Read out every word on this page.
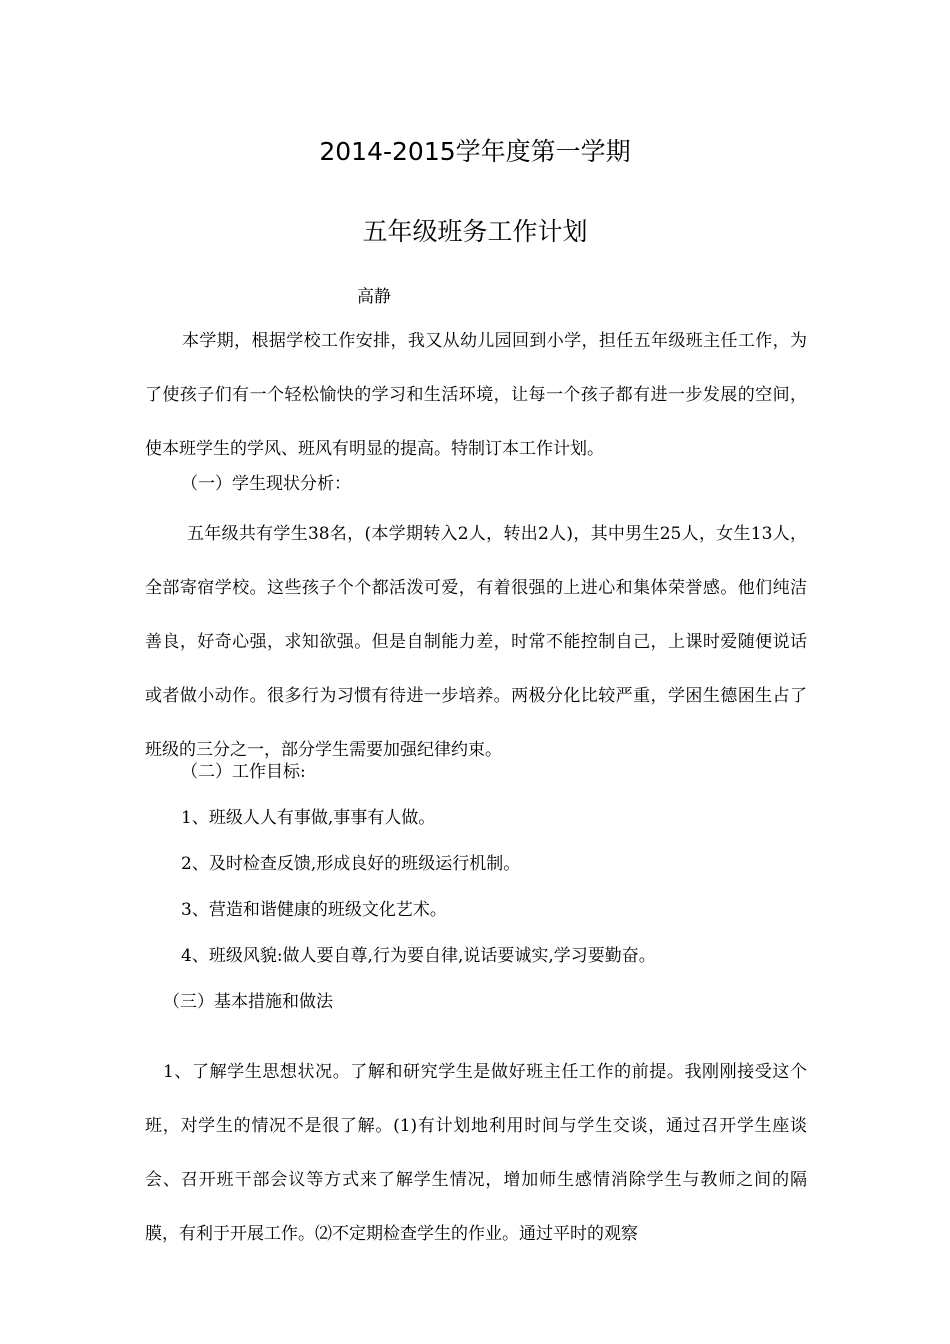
2014-2015学年度第一学期
五年级班务工作计划
高静
本学期，根据学校工作安排，我又从幼儿园回到小学，担任五年级班主任工作，为了使孩子们有一个轻松愉快的学习和生活环境，让每一个孩子都有进一步发展的空间，使本班学生的学风、班风有明显的提高。特制订本工作计划。
（一）学生现状分析：
五年级共有学生38名，(本学期转入2人，转出2人)，其中男生25人，女生13人，全部寄宿学校。这些孩子个个都活泼可爱，有着很强的上进心和集体荣誉感。他们纯洁善良，好奇心强，求知欲强。但是自制能力差，时常不能控制自己，上课时爱随便说话或者做小动作。很多行为习惯有待进一步培养。两极分化比较严重，学困生德困生占了班级的三分之一，部分学生需要加强纪律约束。
（二）工作目标:
1、班级人人有事做,事事有人做。
2、及时检查反馈,形成良好的班级运行机制。
3、营造和谐健康的班级文化艺术。
4、班级风貌:做人要自尊,行为要自律,说话要诚实,学习要勤奋。
（三）基本措施和做法
1、了解学生思想状况。了解和研究学生是做好班主任工作的前提。我刚刚接受这个班，对学生的情况不是很了解。(1)有计划地利用时间与学生交谈，通过召开学生座谈会、召开班干部会议等方式来了解学生情况，增加师生感情消除学生与教师之间的隔膜，有利于开展工作。⑵不定期检查学生的作业。通过平时的观察
